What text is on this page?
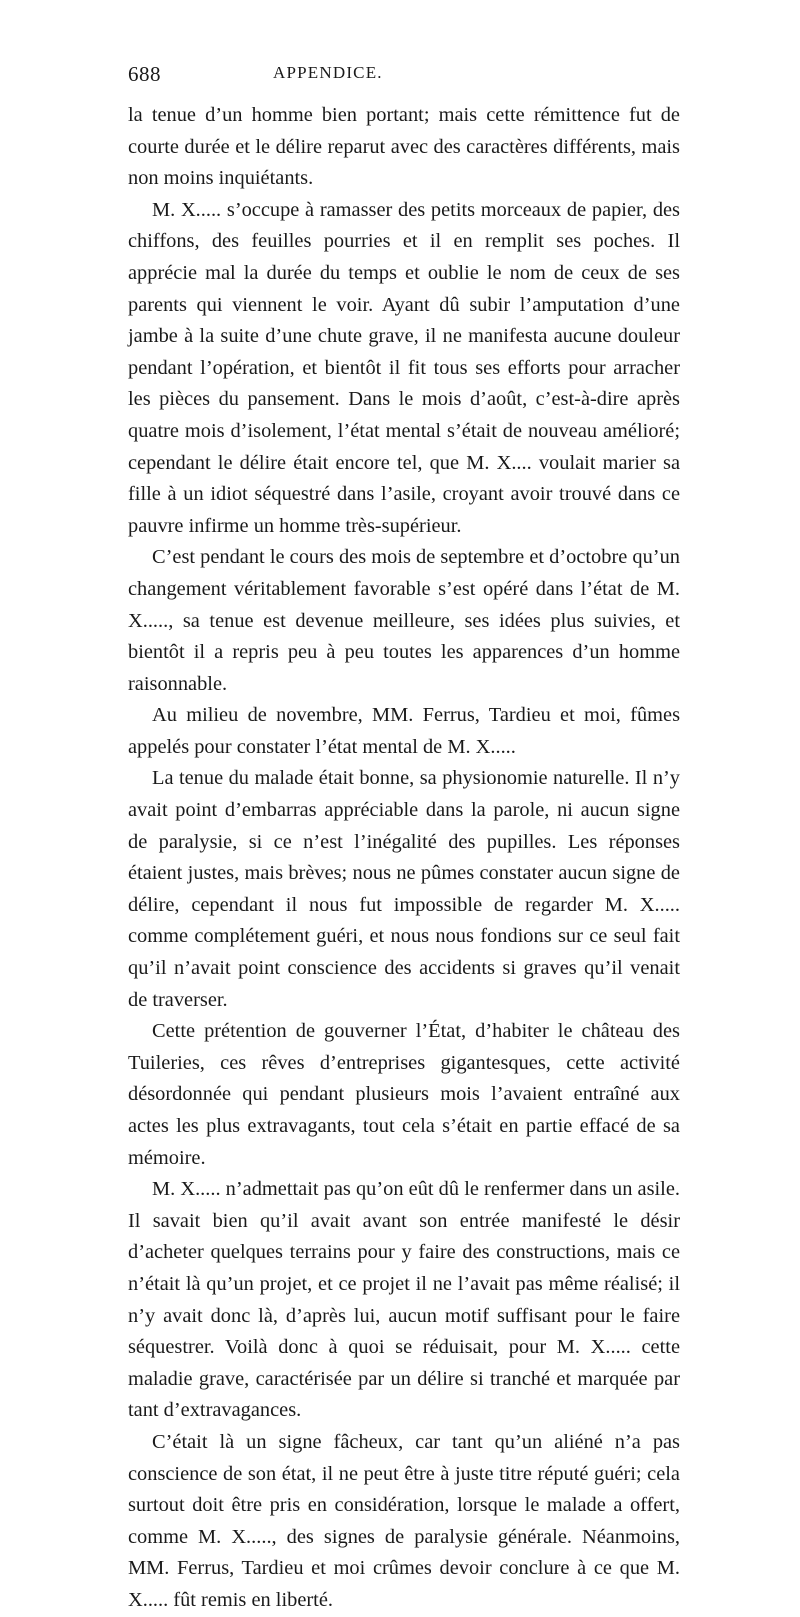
688	APPENDICE.

la tenue d’un homme bien portant; mais cette rémittence fut de courte durée et le délire reparut avec des caractères différents, mais non moins inquiétants.

M. X..... s’occupe à ramasser des petits morceaux de papier, des chiffons, des feuilles pourries et il en remplit ses poches. Il apprécie mal la durée du temps et oublie le nom de ceux de ses parents qui viennent le voir. Ayant dû subir l’amputation d’une jambe à la suite d’une chute grave, il ne manifesta aucune douleur pendant l’opération, et bientôt il fit tous ses efforts pour arracher les pièces du pansement. Dans le mois d’août, c’est-à-dire après quatre mois d’isolement, l’état mental s’était de nouveau amélioré; cependant le délire était encore tel, que M. X.... voulait marier sa fille à un idiot séquestré dans l’asile, croyant avoir trouvé dans ce pauvre infirme un homme très-supérieur.

C’est pendant le cours des mois de septembre et d’octobre qu’un changement véritablement favorable s’est opéré dans l’état de M. X....., sa tenue est devenue meilleure, ses idées plus suivies, et bientôt il a repris peu à peu toutes les apparences d’un homme raisonnable.

Au milieu de novembre, MM. Ferrus, Tardieu et moi, fûmes appelés pour constater l’état mental de M. X.....

La tenue du malade était bonne, sa physionomie naturelle. Il n’y avait point d’embarras appréciable dans la parole, ni aucun signe de paralysie, si ce n’est l’inégalité des pupilles. Les réponses étaient justes, mais brèves; nous ne pûmes constater aucun signe de délire, cependant il nous fut impossible de regarder M. X..... comme complétement guéri, et nous nous fondions sur ce seul fait qu’il n’avait point conscience des accidents si graves qu’il venait de traverser.

Cette prétention de gouverner l’État, d’habiter le château des Tuileries, ces rêves d’entreprises gigantesques, cette activité désordonnée qui pendant plusieurs mois l’avaient entraîné aux actes les plus extravagants, tout cela s’était en partie effacé de sa mémoire.

M. X..... n’admettait pas qu’on eût dû le renfermer dans un asile. Il savait bien qu’il avait avant son entrée manifesté le désir d’acheter quelques terrains pour y faire des constructions, mais ce n’était là qu’un projet, et ce projet il ne l’avait pas même réalisé; il n’y avait donc là, d’après lui, aucun motif suffisant pour le faire séquestrer. Voilà donc à quoi se réduisait, pour M. X..... cette maladie grave, caractérisée par un délire si tranché et marquée par tant d’extravagances.

C’était là un signe fâcheux, car tant qu’un aliéné n’a pas conscience de son état, il ne peut être à juste titre réputé guéri; cela surtout doit être pris en considération, lorsque le malade a offert, comme M. X....., des signes de paralysie générale. Néanmoins, MM. Ferrus, Tardieu et moi crûmes devoir conclure à ce que M. X..... fût remis en liberté.
